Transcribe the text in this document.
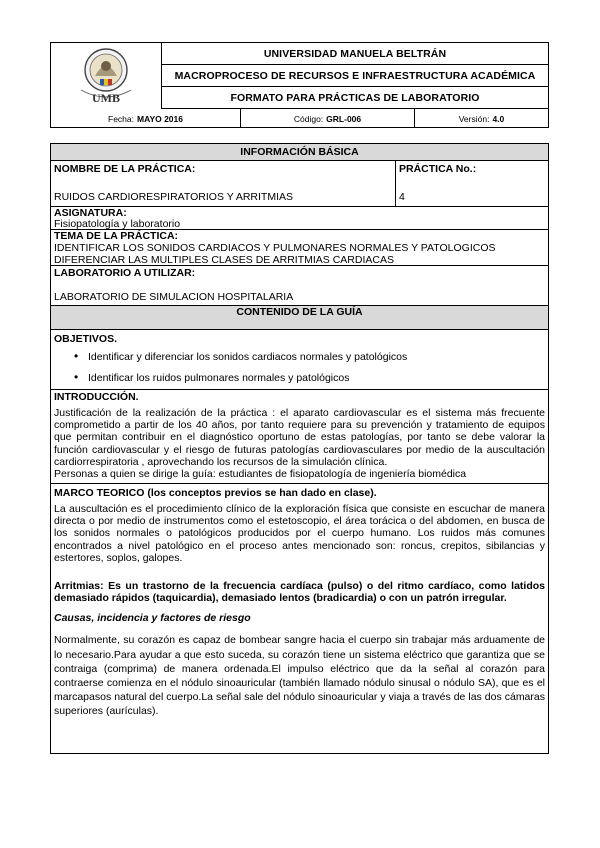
UMB
UNIVERSIDAD MANUELA BELTRÁN
MACROPROCESO DE RECURSOS E INFRAESTRUCTURA ACADÉMICA
FORMATO PARA PRÁCTICAS DE LABORATORIO
Fecha: MAYO 2016	Código: GRL-006	Versión: 4.0
INFORMACIÓN BÁSICA
NOMBRE DE LA PRÁCTICA:
RUIDOS CARDIORESPIRATORIOS Y ARRITMIAS
PRÁCTICA No.:
4
ASIGNATURA:
Fisiopatología y laboratorio
TEMA DE LA PRÁCTICA:
IDENTIFICAR LOS SONIDOS CARDIACOS Y PULMONARES NORMALES Y PATOLOGICOS
DIFERENCIAR LAS MULTIPLES CLASES DE ARRITMIAS CARDIACAS
LABORATORIO A UTILIZAR:
LABORATORIO DE SIMULACION HOSPITALARIA
CONTENIDO DE LA GUÍA
OBJETIVOS.
• Identificar y diferenciar los sonidos cardiacos normales y patológicos
• Identificar los ruidos pulmonares normales y patológicos
INTRODUCCIÓN.
Justificación de la realización de la práctica : el aparato cardiovascular es el sistema más frecuente comprometido a partir de los 40 años, por tanto requiere para su prevención y tratamiento de equipos que permitan contribuir en el diagnóstico oportuno de estas patologías, por tanto se debe valorar la función cardiovascular y el riesgo de futuras patologías cardiovasculares por medio de la auscultación cardiorrespiratoria , aprovechando los recursos de la simulación clínica.
Personas a quien se dirige la guía: estudiantes de fisiopatología de ingeniería biomédica
MARCO TEORICO (los conceptos previos se han dado en clase).
La auscultación es el procedimiento clínico de la exploración física que consiste en escuchar de manera directa o por medio de instrumentos como el estetoscopio, el área torácica o del abdomen, en busca de los sonidos normales o patológicos producidos por el cuerpo humano. Los ruidos más comunes encontrados a nivel patológico en el proceso antes mencionado son: roncus, crepitos, sibilancias y estertores, soplos, galopes.
Arritmias: Es un trastorno de la frecuencia cardíaca (pulso) o del ritmo cardíaco, como latidos demasiado rápidos (taquicardia), demasiado lentos (bradicardia) o con un patrón irregular.
Causas, incidencia y factores de riesgo
Normalmente, su corazón es capaz de bombear sangre hacia el cuerpo sin trabajar más arduamente de lo necesario.Para ayudar a que esto suceda, su corazón tiene un sistema eléctrico que garantiza que se contraiga (comprima) de manera ordenada.El impulso eléctrico que da la señal al corazón para contraerse comienza en el nódulo sinoauricular (también llamado nódulo sinusal o nódulo SA), que es el marcapasos natural del cuerpo.La señal sale del nódulo sinoauricular y viaja a través de las dos cámaras superiores (aurículas).
